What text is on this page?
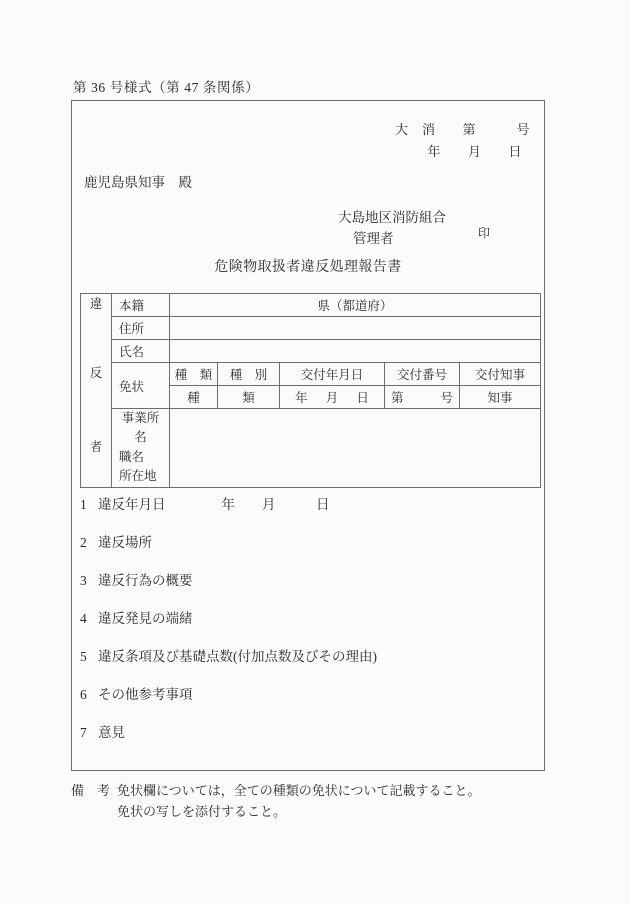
第 36 号様式（第 47 条関係）
大　消　　第　　　号
年　　月　　日
鹿児島県知事　殿
大島地区消防組合
管理者	印
危険物取扱者違反処理報告書
違	本籍	県（都道府）				

	住所					

	氏名					

反	免状	種　類	種　別	交付年月日	交付番号	交付知事
		種	類	年 月 日	第 号	知事
者	事業所名
職名
所在地					

1 違反年月日	年　　月　　　日
2 違反場所
3 違反行為の概要
4 違反発見の端緒
5 違反条項及び基礎点数(付加点数及びその理由)
6 その他参考事項
7 意見
備　考 免状欄については，全ての種類の免状について記載すること。
免状の写しを添付すること。
